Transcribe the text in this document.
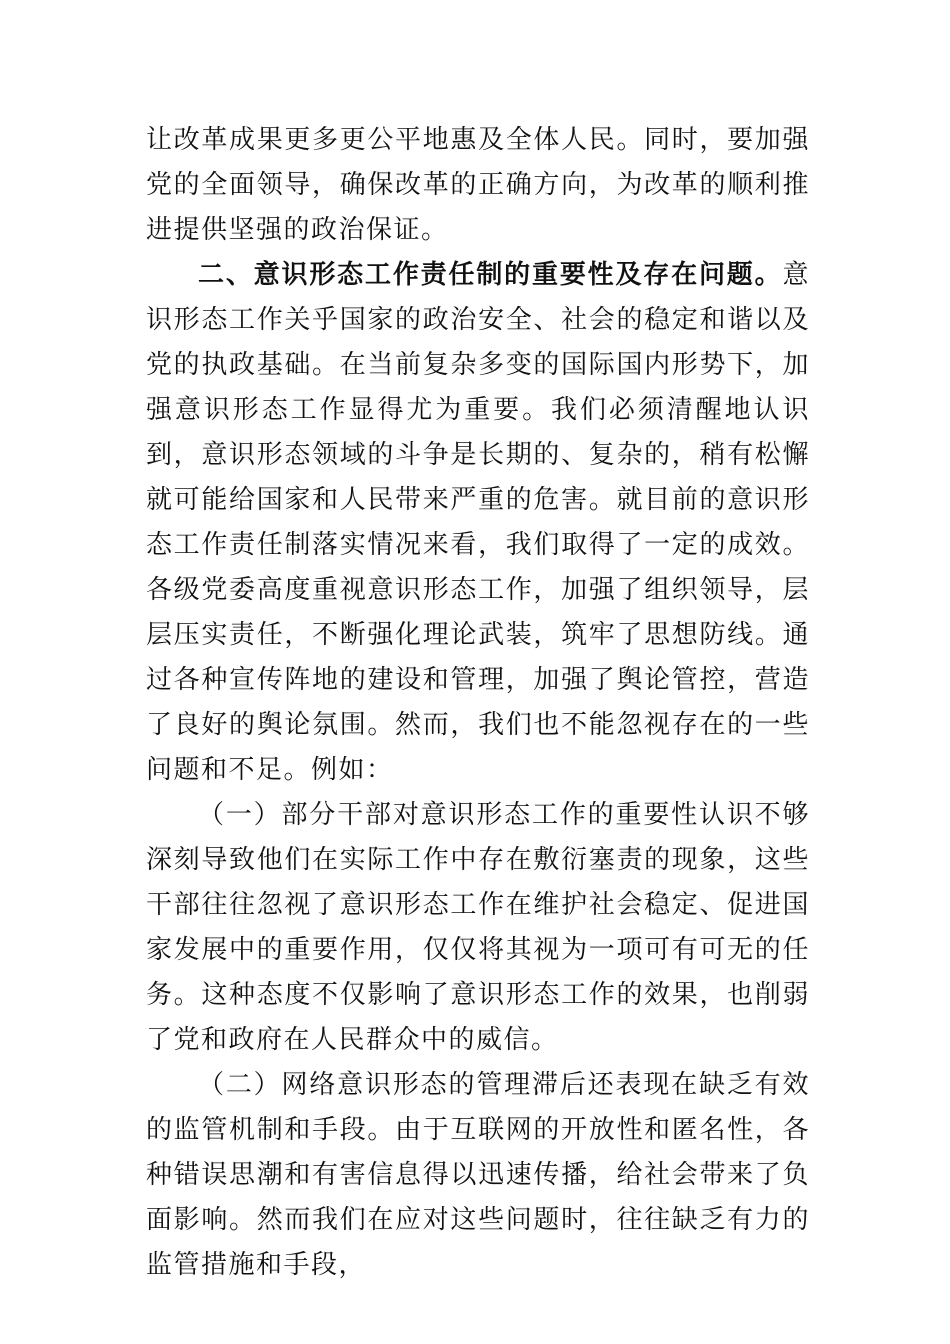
让改革成果更多更公平地惠及全体人民。同时，要加强党的全面领导，确保改革的正确方向，为改革的顺利推进提供坚强的政治保证。

二、意识形态工作责任制的重要性及存在问题。意识形态工作关乎国家的政治安全、社会的稳定和谐以及党的执政基础。在当前复杂多变的国际国内形势下，加强意识形态工作显得尤为重要。我们必须清醒地认识到，意识形态领域的斗争是长期的、复杂的，稍有松懈就可能给国家和人民带来严重的危害。就目前的意识形态工作责任制落实情况来看，我们取得了一定的成效。各级党委高度重视意识形态工作，加强了组织领导，层层压实责任，不断强化理论武装，筑牢了思想防线。通过各种宣传阵地的建设和管理，加强了舆论管控，营造了良好的舆论氛围。然而，我们也不能忽视存在的一些问题和不足。例如：

（一）部分干部对意识形态工作的重要性认识不够深刻导致他们在实际工作中存在敷衍塞责的现象，这些干部往往忽视了意识形态工作在维护社会稳定、促进国家发展中的重要作用，仅仅将其视为一项可有可无的任务。这种态度不仅影响了意识形态工作的效果，也削弱了党和政府在人民群众中的威信。

（二）网络意识形态的管理滞后还表现在缺乏有效的监管机制和手段。由于互联网的开放性和匿名性，各种错误思潮和有害信息得以迅速传播，给社会带来了负面影响。然而我们在应对这些问题时，往往缺乏有力的监管措施和手段，
